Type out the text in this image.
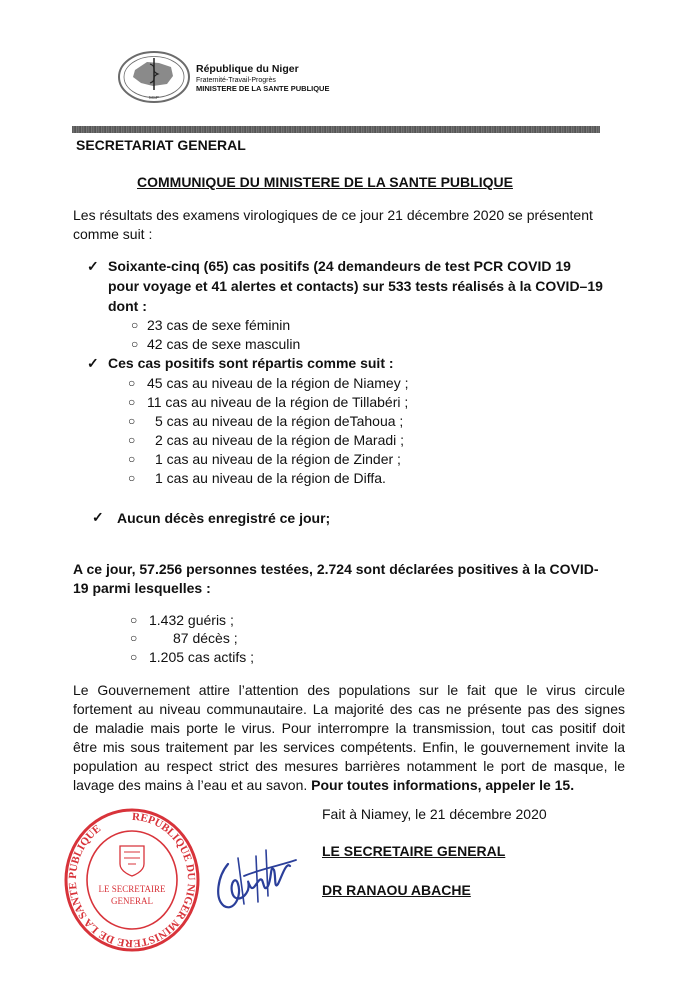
MSP
République du Niger
Fraternité-Travail-Progrès
MINISTERE DE LA SANTE PUBLIQUE
SECRETARIAT GENERAL
COMMUNIQUE DU MINISTERE DE LA SANTE PUBLIQUE
Les résultats des examens virologiques de ce jour 21 décembre 2020 se présentent
comme suit :
✓ Soixante-cinq (65) cas positifs (24 demandeurs de test PCR COVID 19
pour voyage et 41 alertes et contacts) sur 533 tests réalisés à la COVID–19
dont :
○ 23 cas de sexe féminin
○ 42 cas de sexe masculin
✓ Ces cas positifs sont répartis comme suit :
○ 45 cas au niveau de la région de Niamey ;
○ 11 cas au niveau de la région de Tillabéri ;
○ 5 cas au niveau de la région deTahoua ;
○ 2 cas au niveau de la région de Maradi ;
○ 1 cas au niveau de la région de Zinder ;
○ 1 cas au niveau de la région de Diffa.
✓ Aucun décès enregistré ce jour;
A ce jour, 57.256 personnes testées, 2.724 sont déclarées positives à la COVID-
19 parmi lesquelles :
○ 1.432 guéris ;
○	87 décès ;
○ 1.205 cas actifs ;
Le Gouvernement attire l’attention des populations sur le fait que le virus circule
fortement au niveau communautaire. La majorité des cas ne présente pas des signes
de maladie mais porte le virus. Pour interrompre la transmission, tout cas positif doit
être mis sous traitement par les services compétents. Enfin, le gouvernement invite la
population au respect strict des mesures barrières notamment le port de masque, le
lavage des mains à l’eau et au savon. Pour toutes informations, appeler le 15.
Fait à Niamey, le 21 décembre 2020
LE SECRETAIRE GENERAL
DR RANAOU ABACHE
REPUBLIQUE DU NIGER MINISTERE DE LA SANTE PUBLIQUE
LE SECRETAIRE
GENERAL
